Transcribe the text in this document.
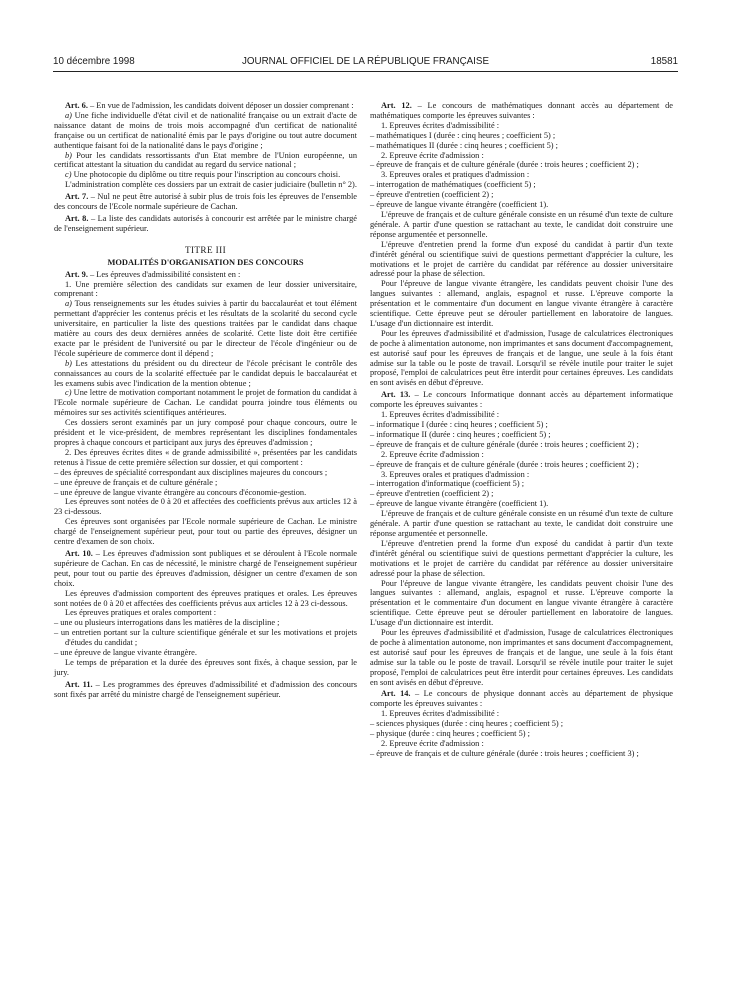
10 décembre 1998	JOURNAL OFFICIEL DE LA RÉPUBLIQUE FRANÇAISE	18581

Art. 6. – En vue de l'admission, les candidats doivent déposer un dossier comprenant :

a) Une fiche individuelle d'état civil et de nationalité française ou un extrait d'acte de naissance datant de moins de trois mois accompagné d'un certificat de nationalité française ou un certificat de nationalité émis par le pays d'origine ou tout autre document authentique faisant foi de la nationalité dans le pays d'origine ;

b) Pour les candidats ressortissants d'un Etat membre de l'Union européenne, un certificat attestant la situation du candidat au regard du service national ;

c) Une photocopie du diplôme ou titre requis pour l'inscription au concours choisi.

L'administration complète ces dossiers par un extrait de casier judiciaire (bulletin n° 2).

Art. 7. – Nul ne peut être autorisé à subir plus de trois fois les épreuves de l'ensemble des concours de l'Ecole normale supérieure de Cachan.

Art. 8. – La liste des candidats autorisés à concourir est arrêtée par le ministre chargé de l'enseignement supérieur.

TITRE III

MODALITÉS D'ORGANISATION DES CONCOURS

Art. 9. – Les épreuves d'admissibilité consistent en :

1. Une première sélection des candidats sur examen de leur dossier universitaire, comprenant :

a) Tous renseignements sur les études suivies à partir du baccalauréat et tout élément permettant d'apprécier les contenus précis et les résultats de la scolarité du second cycle universitaire, en particulier la liste des questions traitées par le candidat dans chaque matière au cours des deux dernières années de scolarité. Cette liste doit être certifiée exacte par le président de l'université ou par le directeur de l'école d'ingénieur ou de l'école supérieure de commerce dont il dépend ;

b) Les attestations du président ou du directeur de l'école précisant le contrôle des connaissances au cours de la scolarité effectuée par le candidat depuis le baccalauréat et les examens subis avec l'indication de la mention obtenue ;

c) Une lettre de motivation comportant notamment le projet de formation du candidat à l'Ecole normale supérieure de Cachan. Le candidat pourra joindre tous éléments ou mémoires sur ses activités scientifiques antérieures.

Ces dossiers seront examinés par un jury composé pour chaque concours, outre le président et le vice-président, de membres représentant les disciplines fondamentales propres à chaque concours et participant aux jurys des épreuves d'admission ;

2. Des épreuves écrites dites « de grande admissibilité », présentées par les candidats retenus à l'issue de cette première sélection sur dossier, et qui comportent :

– des épreuves de spécialité correspondant aux disciplines majeures du concours ;

– une épreuve de français et de culture générale ;

– une épreuve de langue vivante étrangère au concours d'économie-gestion.

Les épreuves sont notées de 0 à 20 et affectées des coefficients prévus aux articles 12 à 23 ci-dessous.

Ces épreuves sont organisées par l'Ecole normale supérieure de Cachan. Le ministre chargé de l'enseignement supérieur peut, pour tout ou partie des épreuves, désigner un centre d'examen de son choix.

Art. 10. – Les épreuves d'admission sont publiques et se déroulent à l'Ecole normale supérieure de Cachan. En cas de nécessité, le ministre chargé de l'enseignement supérieur peut, pour tout ou partie des épreuves d'admission, désigner un centre d'examen de son choix.

Les épreuves d'admission comportent des épreuves pratiques et orales. Les épreuves sont notées de 0 à 20 et affectées des coefficients prévus aux articles 12 à 23 ci-dessous.

Les épreuves pratiques et orales comportent :

– une ou plusieurs interrogations dans les matières de la discipline ;

– un entretien portant sur la culture scientifique générale et sur les motivations et projets d'études du candidat ;

– une épreuve de langue vivante étrangère.

Le temps de préparation et la durée des épreuves sont fixés, à chaque session, par le jury.

Art. 11. – Les programmes des épreuves d'admissibilité et d'admission des concours sont fixés par arrêté du ministre chargé de l'enseignement supérieur.

Art. 12. – Le concours de mathématiques donnant accès au département de mathématiques comporte les épreuves suivantes :

1. Epreuves écrites d'admissibilité :

– mathématiques I (durée : cinq heures ; coefficient 5) ;

– mathématiques II (durée : cinq heures ; coefficient 5) ;

2. Epreuve écrite d'admission :

– épreuve de français et de culture générale (durée : trois heures ; coefficient 2) ;

3. Epreuves orales et pratiques d'admission :

– interrogation de mathématiques (coefficient 5) ;

– épreuve d'entretien (coefficient 2) ;

– épreuve de langue vivante étrangère (coefficient 1).

L'épreuve de français et de culture générale consiste en un résumé d'un texte de culture générale. A partir d'une question se rattachant au texte, le candidat doit construire une réponse argumentée et personnelle.

L'épreuve d'entretien prend la forme d'un exposé du candidat à partir d'un texte d'intérêt général ou scientifique suivi de questions permettant d'apprécier la culture, les motivations et le projet de carrière du candidat par référence au dossier universitaire adressé pour la phase de sélection.

Pour l'épreuve de langue vivante étrangère, les candidats peuvent choisir l'une des langues suivantes : allemand, anglais, espagnol et russe. L'épreuve comporte la présentation et le commentaire d'un document en langue vivante étrangère à caractère scientifique. Cette épreuve peut se dérouler partiellement en laboratoire de langues. L'usage d'un dictionnaire est interdit.

Pour les épreuves d'admissibilité et d'admission, l'usage de calculatrices électroniques de poche à alimentation autonome, non imprimantes et sans document d'accompagnement, est autorisé sauf pour les épreuves de français et de langue, une seule à la fois étant admise sur la table ou le poste de travail. Lorsqu'il se révèle inutile pour traiter le sujet proposé, l'emploi de calculatrices peut être interdit pour certaines épreuves. Les candidats en sont avisés en début d'épreuve.

Art. 13. – Le concours Informatique donnant accès au département informatique comporte les épreuves suivantes :

1. Epreuves écrites d'admissibilité :

– informatique I (durée : cinq heures ; coefficient 5) ;

– informatique II (durée : cinq heures ; coefficient 5) ;

– épreuve de français et de culture générale (durée : trois heures ; coefficient 2) ;

2. Epreuve écrite d'admission :

– épreuve de français et de culture générale (durée : trois heures ; coefficient 2) ;

3. Epreuves orales et pratiques d'admission :

– interrogation d'informatique (coefficient 5) ;

– épreuve d'entretien (coefficient 2) ;

– épreuve de langue vivante étrangère (coefficient 1).

L'épreuve de français et de culture générale consiste en un résumé d'un texte de culture générale. A partir d'une question se rattachant au texte, le candidat doit construire une réponse argumentée et personnelle.

L'épreuve d'entretien prend la forme d'un exposé du candidat à partir d'un texte d'intérêt général ou scientifique suivi de questions permettant d'apprécier la culture, les motivations et le projet de carrière du candidat par référence au dossier universitaire adressé pour la phase de sélection.

Pour l'épreuve de langue vivante étrangère, les candidats peuvent choisir l'une des langues suivantes : allemand, anglais, espagnol et russe. L'épreuve comporte la présentation et le commentaire d'un document en langue vivante étrangère à caractère scientifique. Cette épreuve peut se dérouler partiellement en laboratoire de langues. L'usage d'un dictionnaire est interdit.

Pour les épreuves d'admissibilité et d'admission, l'usage de calculatrices électroniques de poche à alimentation autonome, non imprimantes et sans document d'accompagnement, est autorisé sauf pour les épreuves de français et de langue, une seule à la fois étant admise sur la table ou le poste de travail. Lorsqu'il se révèle inutile pour traiter le sujet proposé, l'emploi de calculatrices peut être interdit pour certaines épreuves. Les candidats en sont avisés en début d'épreuve.

Art. 14. – Le concours de physique donnant accès au département de physique comporte les épreuves suivantes :

1. Epreuves écrites d'admissibilité :

– sciences physiques (durée : cinq heures ; coefficient 5) ;

– physique (durée : cinq heures ; coefficient 5) ;

2. Epreuve écrite d'admission :

– épreuve de français et de culture générale (durée : trois heures ; coefficient 3) ;
